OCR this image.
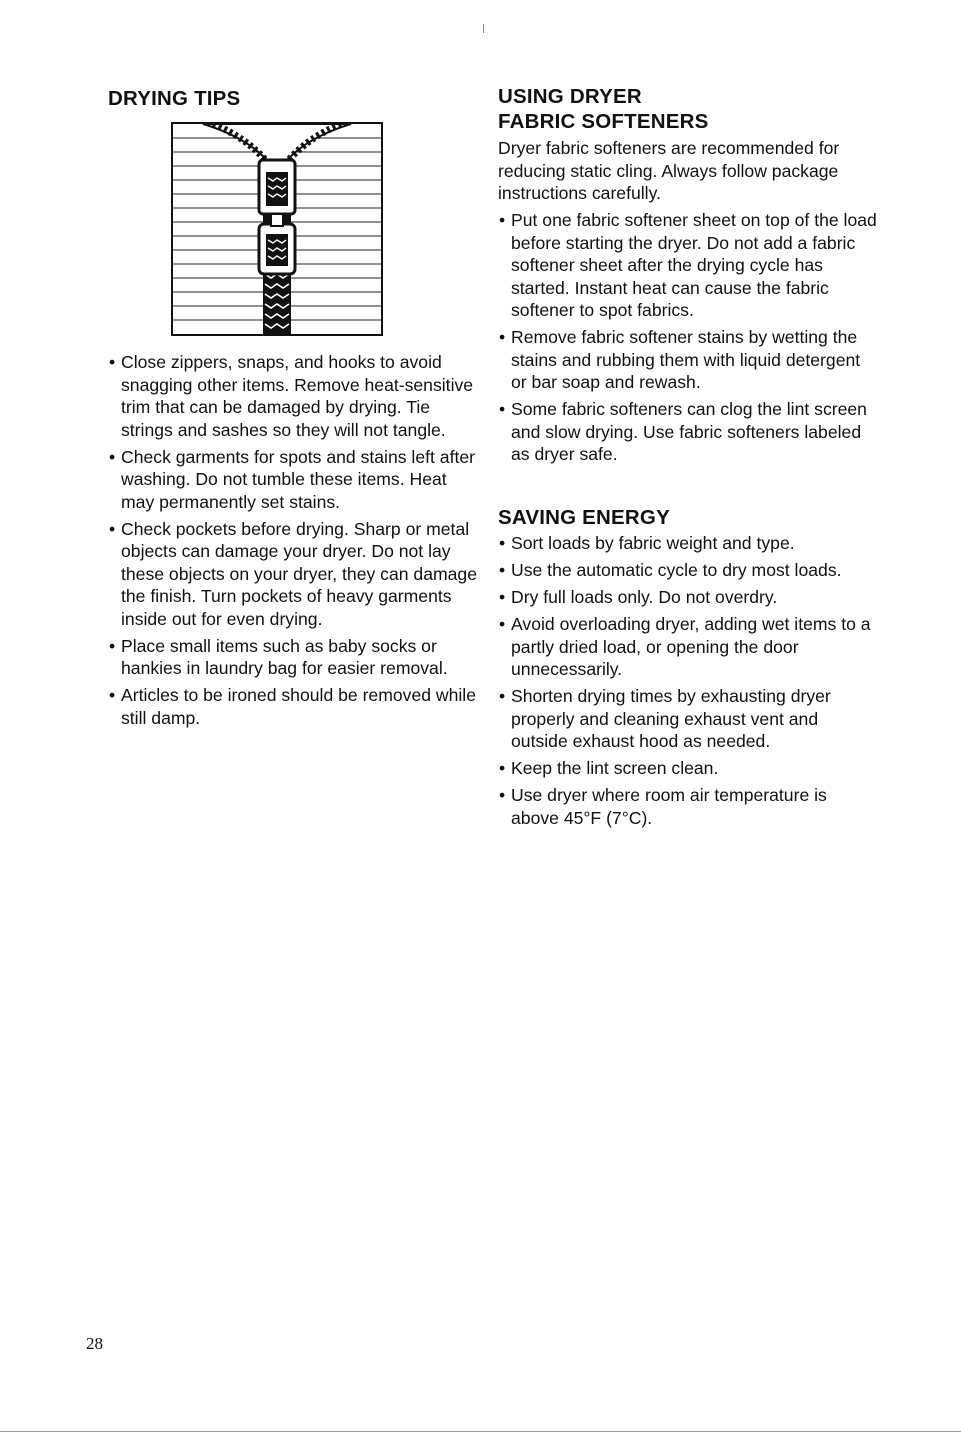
DRYING TIPS
• Close zippers, snaps, and hooks to avoid snagging other items. Remove heat-sensitive trim that can be damaged by drying. Tie strings and sashes so they will not tangle.
• Check garments for spots and stains left after washing. Do not tumble these items. Heat may permanently set stains.
• Check pockets before drying. Sharp or metal objects can damage your dryer. Do not lay these objects on your dryer, they can damage the finish. Turn pockets of heavy garments inside out for even drying.
• Place small items such as baby socks or hankies in laundry bag for easier removal.
• Articles to be ironed should be removed while still damp.
USING DRYER
FABRIC SOFTENERS

Dryer fabric softeners are recommended for reducing static cling. Always follow package instructions carefully.

• Put one fabric softener sheet on top of the load before starting the dryer. Do not add a fabric softener sheet after the drying cycle has started. Instant heat can cause the fabric softener to spot fabrics.
• Remove fabric softener stains by wetting the stains and rubbing them with liquid detergent or bar soap and rewash.
• Some fabric softeners can clog the lint screen and slow drying. Use fabric softeners labeled as dryer safe.
SAVING ENERGY
• Sort loads by fabric weight and type.
• Use the automatic cycle to dry most loads.
• Dry full loads only. Do not overdry.
• Avoid overloading dryer, adding wet items to a partly dried load, or opening the door unnecessarily.
• Shorten drying times by exhausting dryer properly and cleaning exhaust vent and outside exhaust hood as needed.
• Keep the lint screen clean.
• Use dryer where room air temperature is above 45°F (7°C).
28
